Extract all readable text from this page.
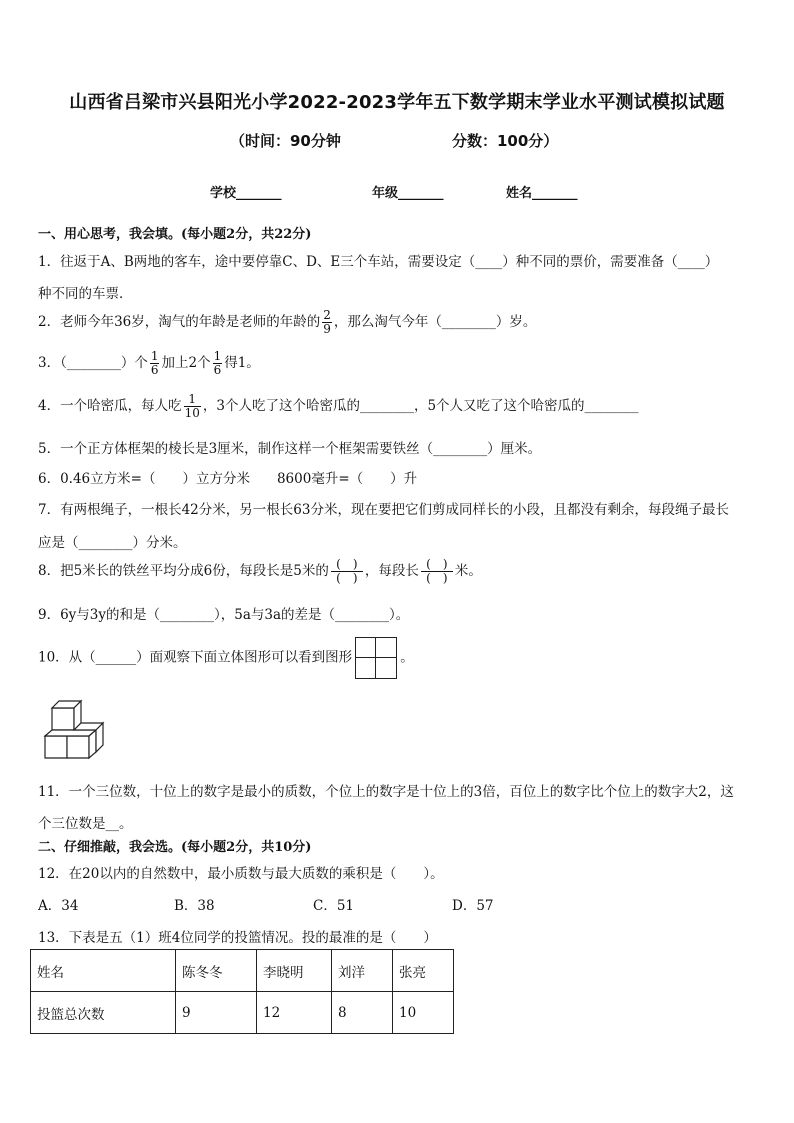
山西省吕梁市兴县阳光小学2022-2023学年五下数学期末学业水平测试模拟试题
（时间：90分钟	分数：100分）
学校_______	年级_______	姓名_______
一、用心思考，我会填。(每小题2分，共22分)
1．往返于A、B两地的客车，途中要停靠C、D、E三个车站，需要设定（____）种不同的票价，需要准备（____）
种不同的车票．
2．老师今年36岁，淘气的年龄是老师的年龄的 $\frac{2}{9}$ ，那么淘气今年（________）岁。
3．（________）个 $\frac{1}{6}$ 加上2个 $\frac{1}{6}$ 得1。
4．一个哈密瓜，每人吃 $\frac{1}{10}$ ，3个人吃了这个哈密瓜的________，5个人又吃了这个哈密瓜的________
5．一个正方体框架的棱长是3厘米，制作这样一个框架需要铁丝（________）厘米。
6．0.46立方米=（　　）立方分米　　8600毫升=（　　）升
7．有两根绳子，一根长42分米，另一根长63分米，现在要把它们剪成同样长的小段，且都没有剩余，每段绳子最长
应是（________）分米。
8．把5米长的铁丝平均分成6份，每段长是5米的 $\frac{( )}{( )}$ ，每段长 $\frac{( )}{( )}$ 米。
9．6y与3y的和是（________），5a与3a的差是（________）。
10．从（______）面观察下面立体图形可以看到图形	。
11．一个三位数，十位上的数字是最小的质数，个位上的数字是十位上的3倍，百位上的数字比个位上的数字大2，这
个三位数是__。
二、仔细推敲，我会选。(每小题2分，共10分)
12．在20以内的自然数中，最小质数与最大质数的乘积是（　　）。
A．34	B．38	C．51	D．57
13．下表是五（1）班4位同学的投篮情况。投的最准的是（　　）
姓名	陈冬冬	李晓明	刘洋	张亮
投篮总次数	9	12	8	10
